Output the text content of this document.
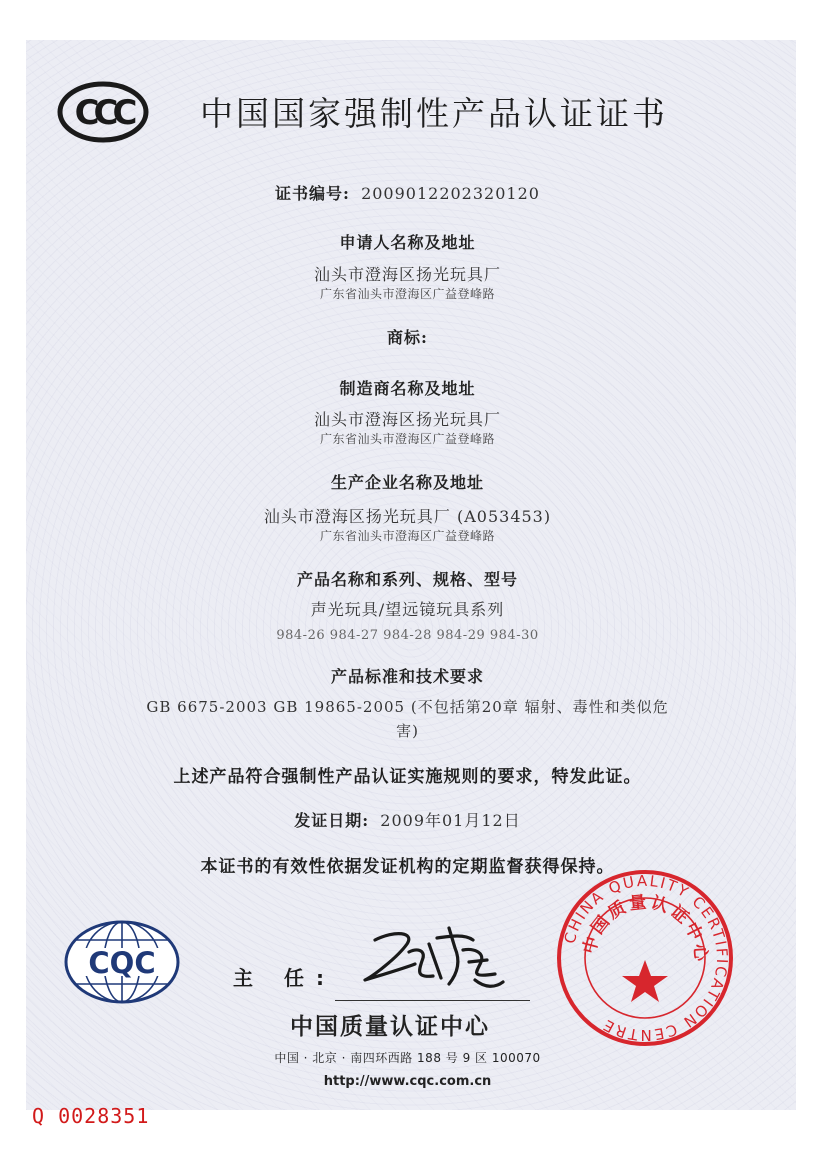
CCC 中国国家强制性产品认证证书
证书编号: 2009012202320120
申请人名称及地址
汕头市澄海区扬光玩具厂
广东省汕头市澄海区广益登峰路
商标:
制造商名称及地址
汕头市澄海区扬光玩具厂
广东省汕头市澄海区广益登峰路
生产企业名称及地址
汕头市澄海区扬光玩具厂 (A053453)
广东省汕头市澄海区广益登峰路
产品名称和系列、规格、型号
声光玩具/望远镜玩具系列
984-26 984-27 984-28 984-29 984-30
产品标准和技术要求
GB 6675-2003 GB 19865-2005 (不包括第20章 辐射、毒性和类似危
害)
上述产品符合强制性产品认证实施规则的要求，特发此证。
发证日期: 2009年01月12日
本证书的有效性依据发证机构的定期监督获得保持。
CQC	主 任:
中国质量认证中心
中国 · 北京 · 南四环西路 188 号 9 区 100070
http://www.cqc.com.cn
CHINA QUALITY CERTIFICATION CENTRE
中国质量认证中心
Q 0028351
